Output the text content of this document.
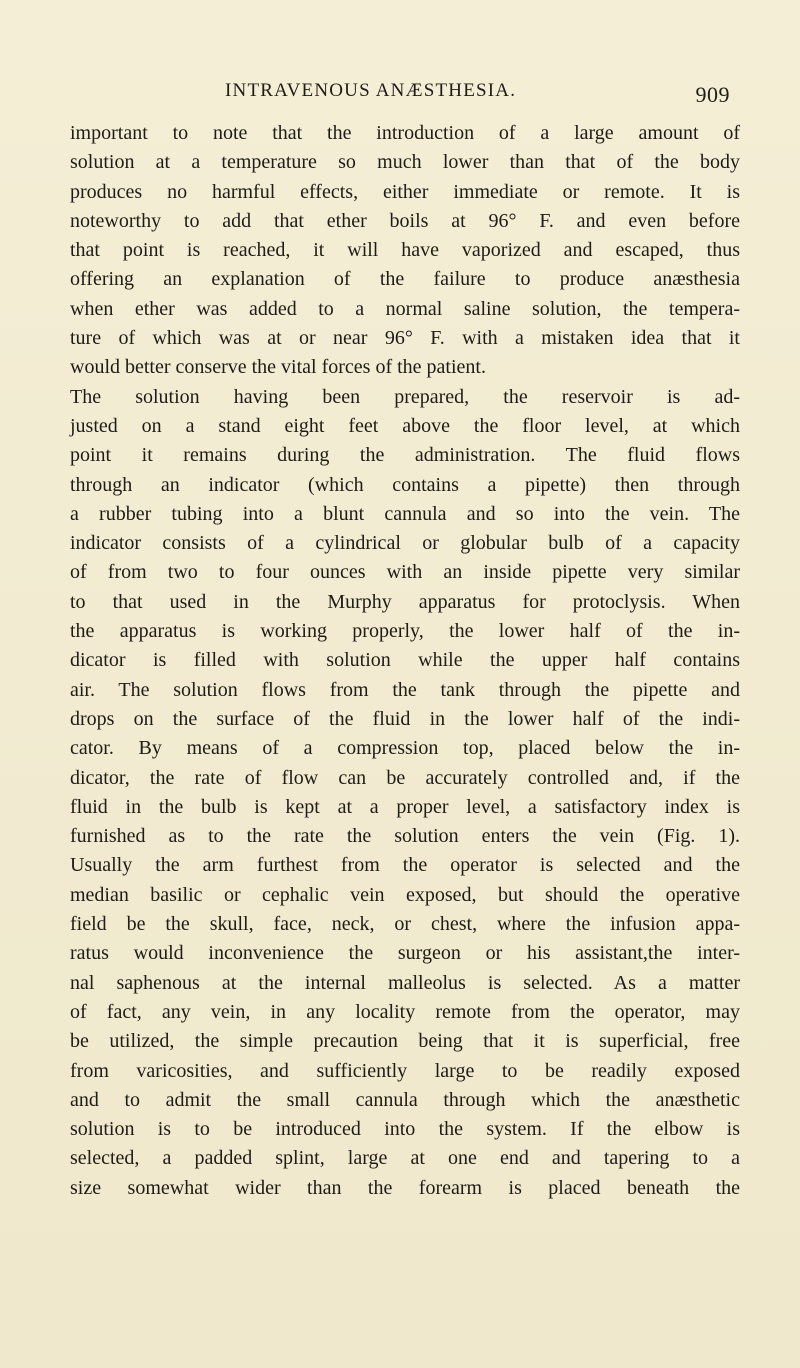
INTRAVENOUS ANÆSTHESIA.	909
important to note that the introduction of a large amount of
solution at a temperature so much lower than that of the body
produces no harmful effects, either immediate or remote. It is
noteworthy to add that ether boils at 96° F. and even before
that point is reached, it will have vaporized and escaped, thus
offering an explanation of the failure to produce anæsthesia
when ether was added to a normal saline solution, the tempera-
ture of which was at or near 96° F. with a mistaken idea that it
would better conserve the vital forces of the patient.
The solution having been prepared, the reservoir is ad-
justed on a stand eight feet above the floor level, at which
point it remains during the administration. The fluid flows
through an indicator (which contains a pipette) then through
a rubber tubing into a blunt cannula and so into the vein. The
indicator consists of a cylindrical or globular bulb of a capacity
of from two to four ounces with an inside pipette very similar
to that used in the Murphy apparatus for protoclysis. When
the apparatus is working properly, the lower half of the in-
dicator is filled with solution while the upper half contains
air. The solution flows from the tank through the pipette and
drops on the surface of the fluid in the lower half of the indi-
cator. By means of a compression top, placed below the in-
dicator, the rate of flow can be accurately controlled and, if the
fluid in the bulb is kept at a proper level, a satisfactory index is
furnished as to the rate the solution enters the vein (Fig. 1).
Usually the arm furthest from the operator is selected and the
median basilic or cephalic vein exposed, but should the operative
field be the skull, face, neck, or chest, where the infusion appa-
ratus would inconvenience the surgeon or his assistant,the inter-
nal saphenous at the internal malleolus is selected. As a matter
of fact, any vein, in any locality remote from the operator, may
be utilized, the simple precaution being that it is superficial, free
from varicosities, and sufficiently large to be readily exposed
and to admit the small cannula through which the anæsthetic
solution is to be introduced into the system. If the elbow is
selected, a padded splint, large at one end and tapering to a
size somewhat wider than the forearm is placed beneath the
